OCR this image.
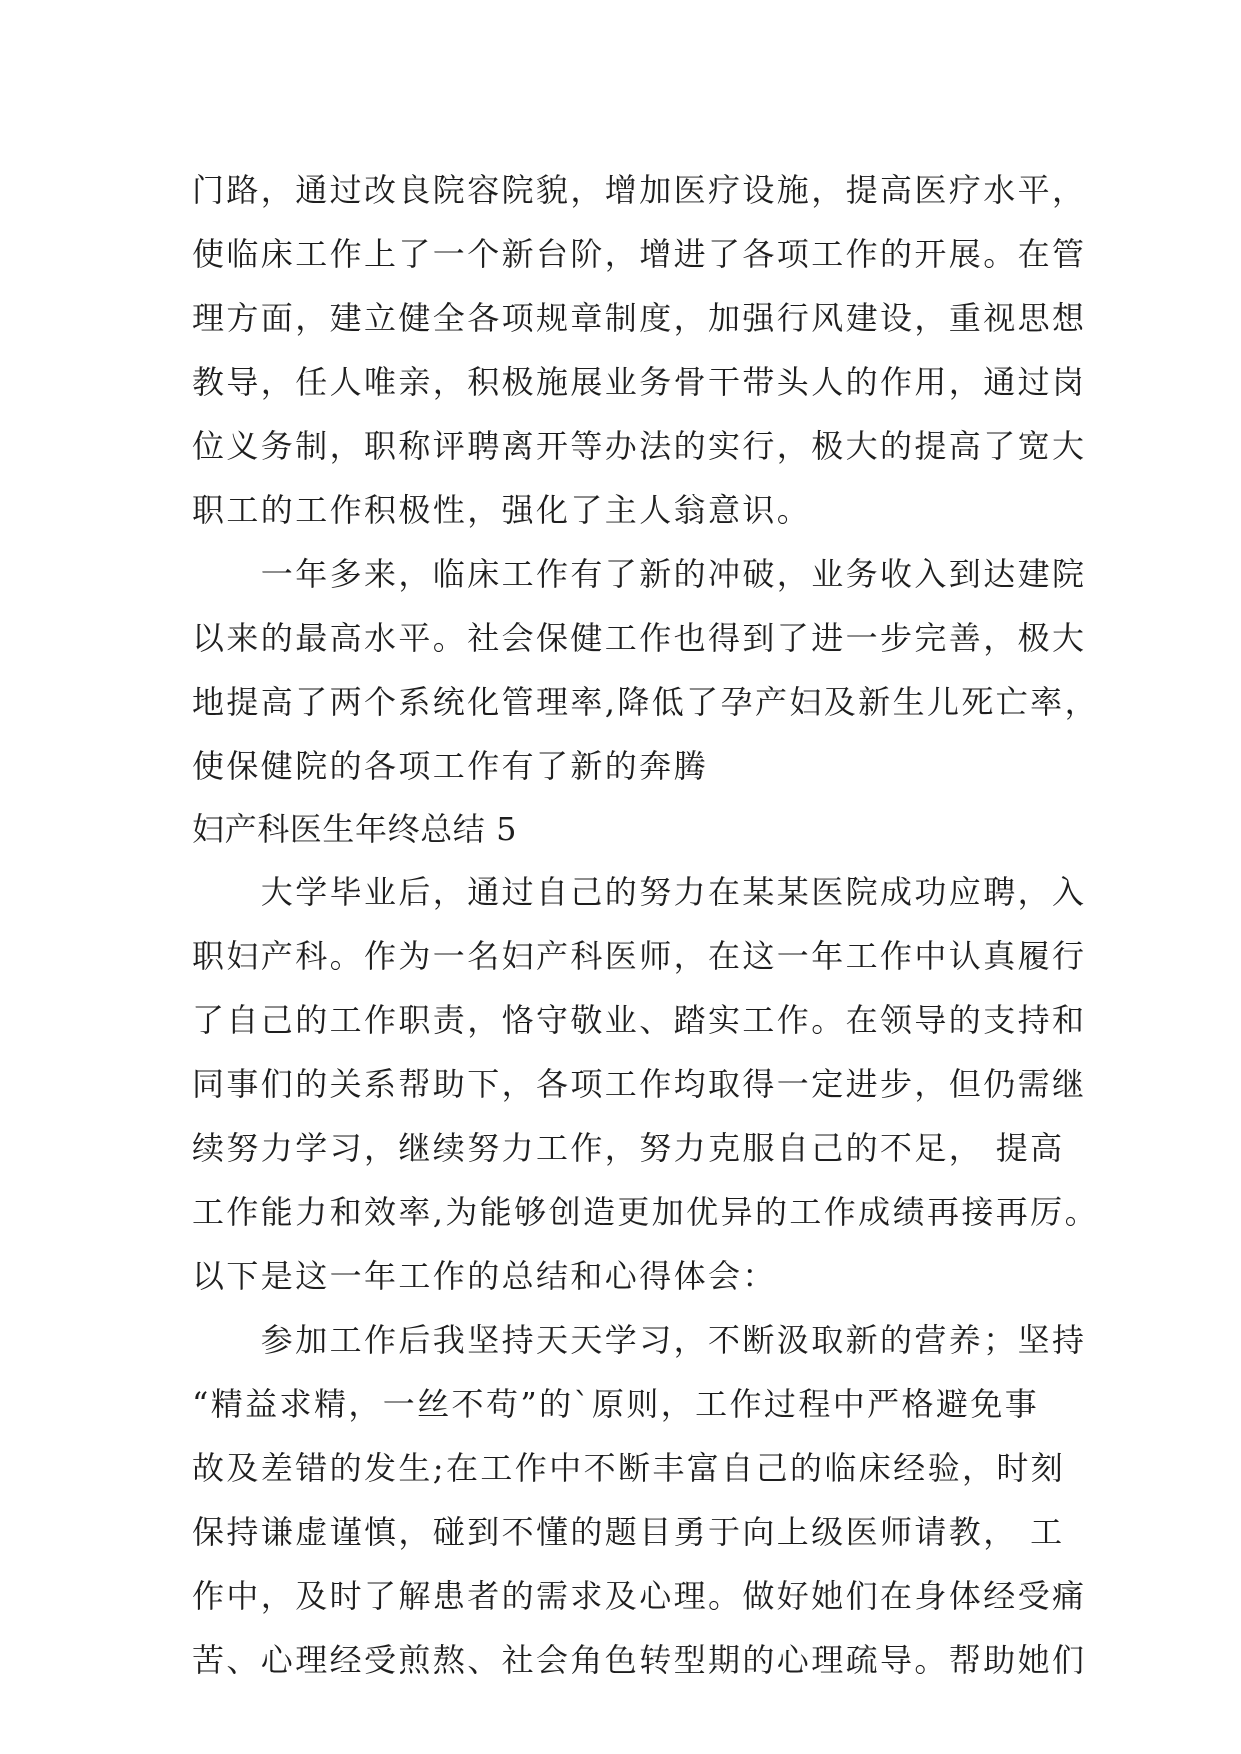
门路，通过改良院容院貌，增加医疗设施，提高医疗水平，
使临床工作上了一个新台阶，增进了各项工作的开展。在管
理方面，建立健全各项规章制度，加强行风建设，重视思想
教导，任人唯亲，积极施展业务骨干带头人的作用，通过岗
位义务制，职称评聘离开等办法的实行，极大的提高了宽大
职工的工作积极性，强化了主人翁意识。
　　一年多来，临床工作有了新的冲破，业务收入到达建院
以来的最高水平。社会保健工作也得到了进一步完善，极大
地提高了两个系统化管理率,降低了孕产妇及新生儿死亡率，
使保健院的各项工作有了新的奔腾
妇产科医生年终总结 5
　　大学毕业后，通过自己的努力在某某医院成功应聘，入
职妇产科。作为一名妇产科医师，在这一年工作中认真履行
了自己的工作职责，恪守敬业、踏实工作。在领导的支持和
同事们的关系帮助下，各项工作均取得一定进步，但仍需继
续努力学习，继续努力工作，努力克服自己的不足， 提高
工作能力和效率,为能够创造更加优异的工作成绩再接再厉。
以下是这一年工作的总结和心得体会：
　　参加工作后我坚持天天学习，不断汲取新的营养；坚持
“精益求精，一丝不苟”的`原则，工作过程中严格避免事
故及差错的发生;在工作中不断丰富自己的临床经验，时刻
保持谦虚谨慎，碰到不懂的题目勇于向上级医师请教， 工
作中，及时了解患者的需求及心理。做好她们在身体经受痛
苦、心理经受煎熬、社会角色转型期的心理疏导。帮助她们
